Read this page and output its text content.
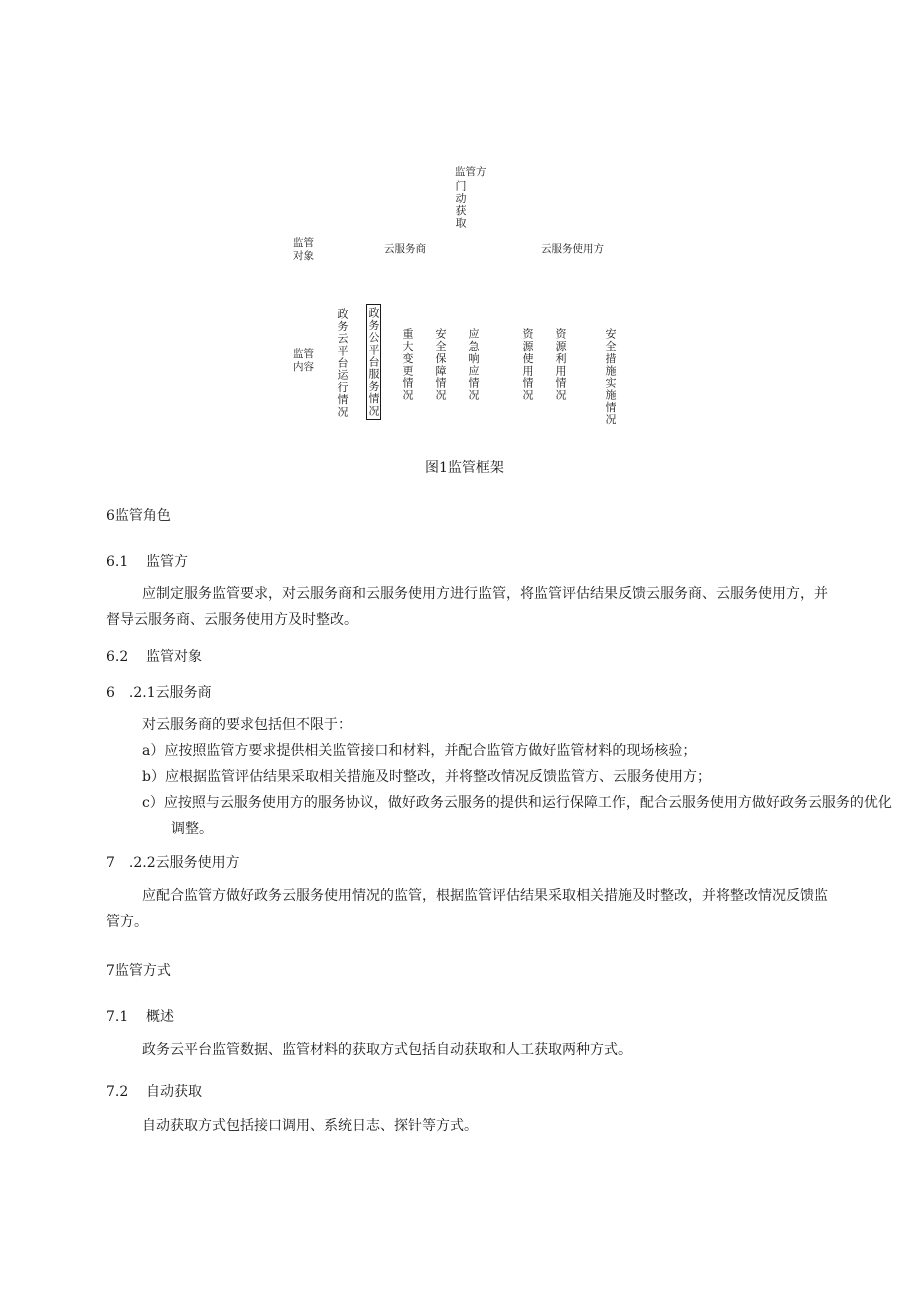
监管方
门动获取
监管
对象
云服务商	云服务使用方
监管
内容 政务云平台运行情况 政务公平台服务情况 重大变更情况 安全保障情况 应急响应情况	资源使用情况 资源利用情况	安全措施实施情况
图1监管框架
6监管角色
6.1 监管方
应制定服务监管要求，对云服务商和云服务使用方进行监管，将监管评估结果反馈云服务商、云服务使用方，并督导云服务商、云服务使用方及时整改。
6.2 监管对象
6　.2.1云服务商
对云服务商的要求包括但不限于：
a）应按照监管方要求提供相关监管接口和材料，并配合监管方做好监管材料的现场核验；
b）应根据监管评估结果采取相关措施及时整改，并将整改情况反馈监管方、云服务使用方；
c）应按照与云服务使用方的服务协议，做好政务云服务的提供和运行保障工作，配合云服务使用方做好政务云服务的优化调整。
7　.2.2云服务使用方
应配合监管方做好政务云服务使用情况的监管，根据监管评估结果采取相关措施及时整改，并将整改情况反馈监管方。
7监管方式
7.1 概述
政务云平台监管数据、监管材料的获取方式包括自动获取和人工获取两种方式。
7.2 自动获取
自动获取方式包括接口调用、系统日志、探针等方式。
